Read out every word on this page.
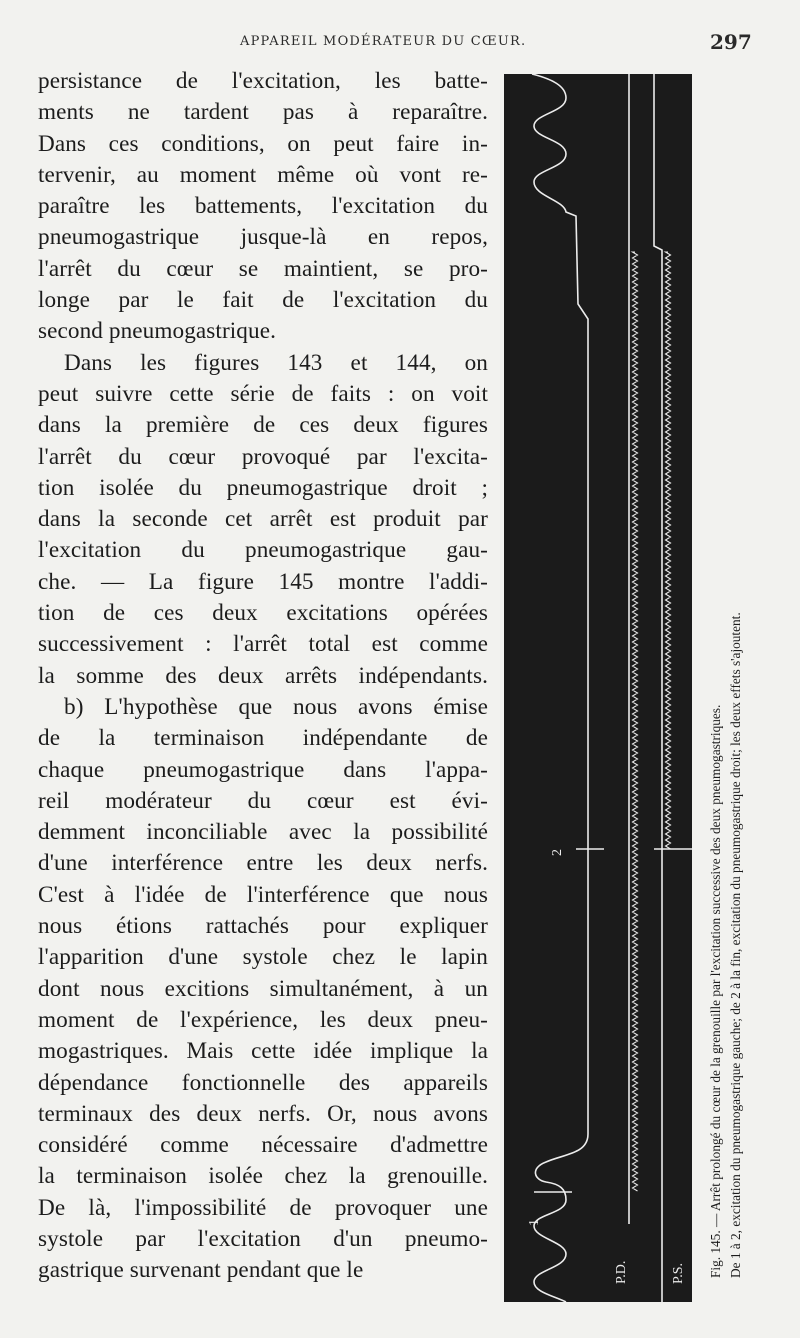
APPAREIL MODÉRATEUR DU CŒUR.	297
persistance de l'excitation, les batte-
ments ne tardent pas à reparaître.
Dans ces conditions, on peut faire in-
tervenir, au moment même où vont re-
paraître les battements, l'excitation du
pneumogastrique jusque-là en repos,
l'arrêt du cœur se maintient, se pro-
longe par le fait de l'excitation du
second pneumogastrique.
Dans les figures 143 et 144, on
peut suivre cette série de faits : on voit
dans la première de ces deux figures
l'arrêt du cœur provoqué par l'excita-
tion isolée du pneumogastrique droit ;
dans la seconde cet arrêt est produit par
l'excitation du pneumogastrique gau-
che. — La figure 145 montre l'addi-
tion de ces deux excitations opérées
successivement : l'arrêt total est comme
la somme des deux arrêts indépendants.
b) L'hypothèse que nous avons émise
de la terminaison indépendante de
chaque pneumogastrique dans l'appa-
reil modérateur du cœur est évi-
demment inconciliable avec la possibilité
d'une interférence entre les deux nerfs.
C'est à l'idée de l'interférence que nous
nous étions rattachés pour expliquer
l'apparition d'une systole chez le lapin
dont nous excitions simultanément, à un
moment de l'expérience, les deux pneu-
mogastriques. Mais cette idée implique la
dépendance fonctionnelle des appareils
terminaux des deux nerfs. Or, nous avons
considéré comme nécessaire d'admettre
la terminaison isolée chez la grenouille.
De là, l'impossibilité de provoquer une
systole par l'excitation d'un pneumo-
gastrique survenant pendant que le
1
2
P.D.	P.S. Fig. 145. — Arrêt prolongé du cœur de la grenouille par l'excitation successive des deux pneumogastriques. De 1 à 2, excitation du pneumogastrique gauche; de 2 à la fin, excitation du pneumogastrique droit; les deux effets s'ajoutent.
